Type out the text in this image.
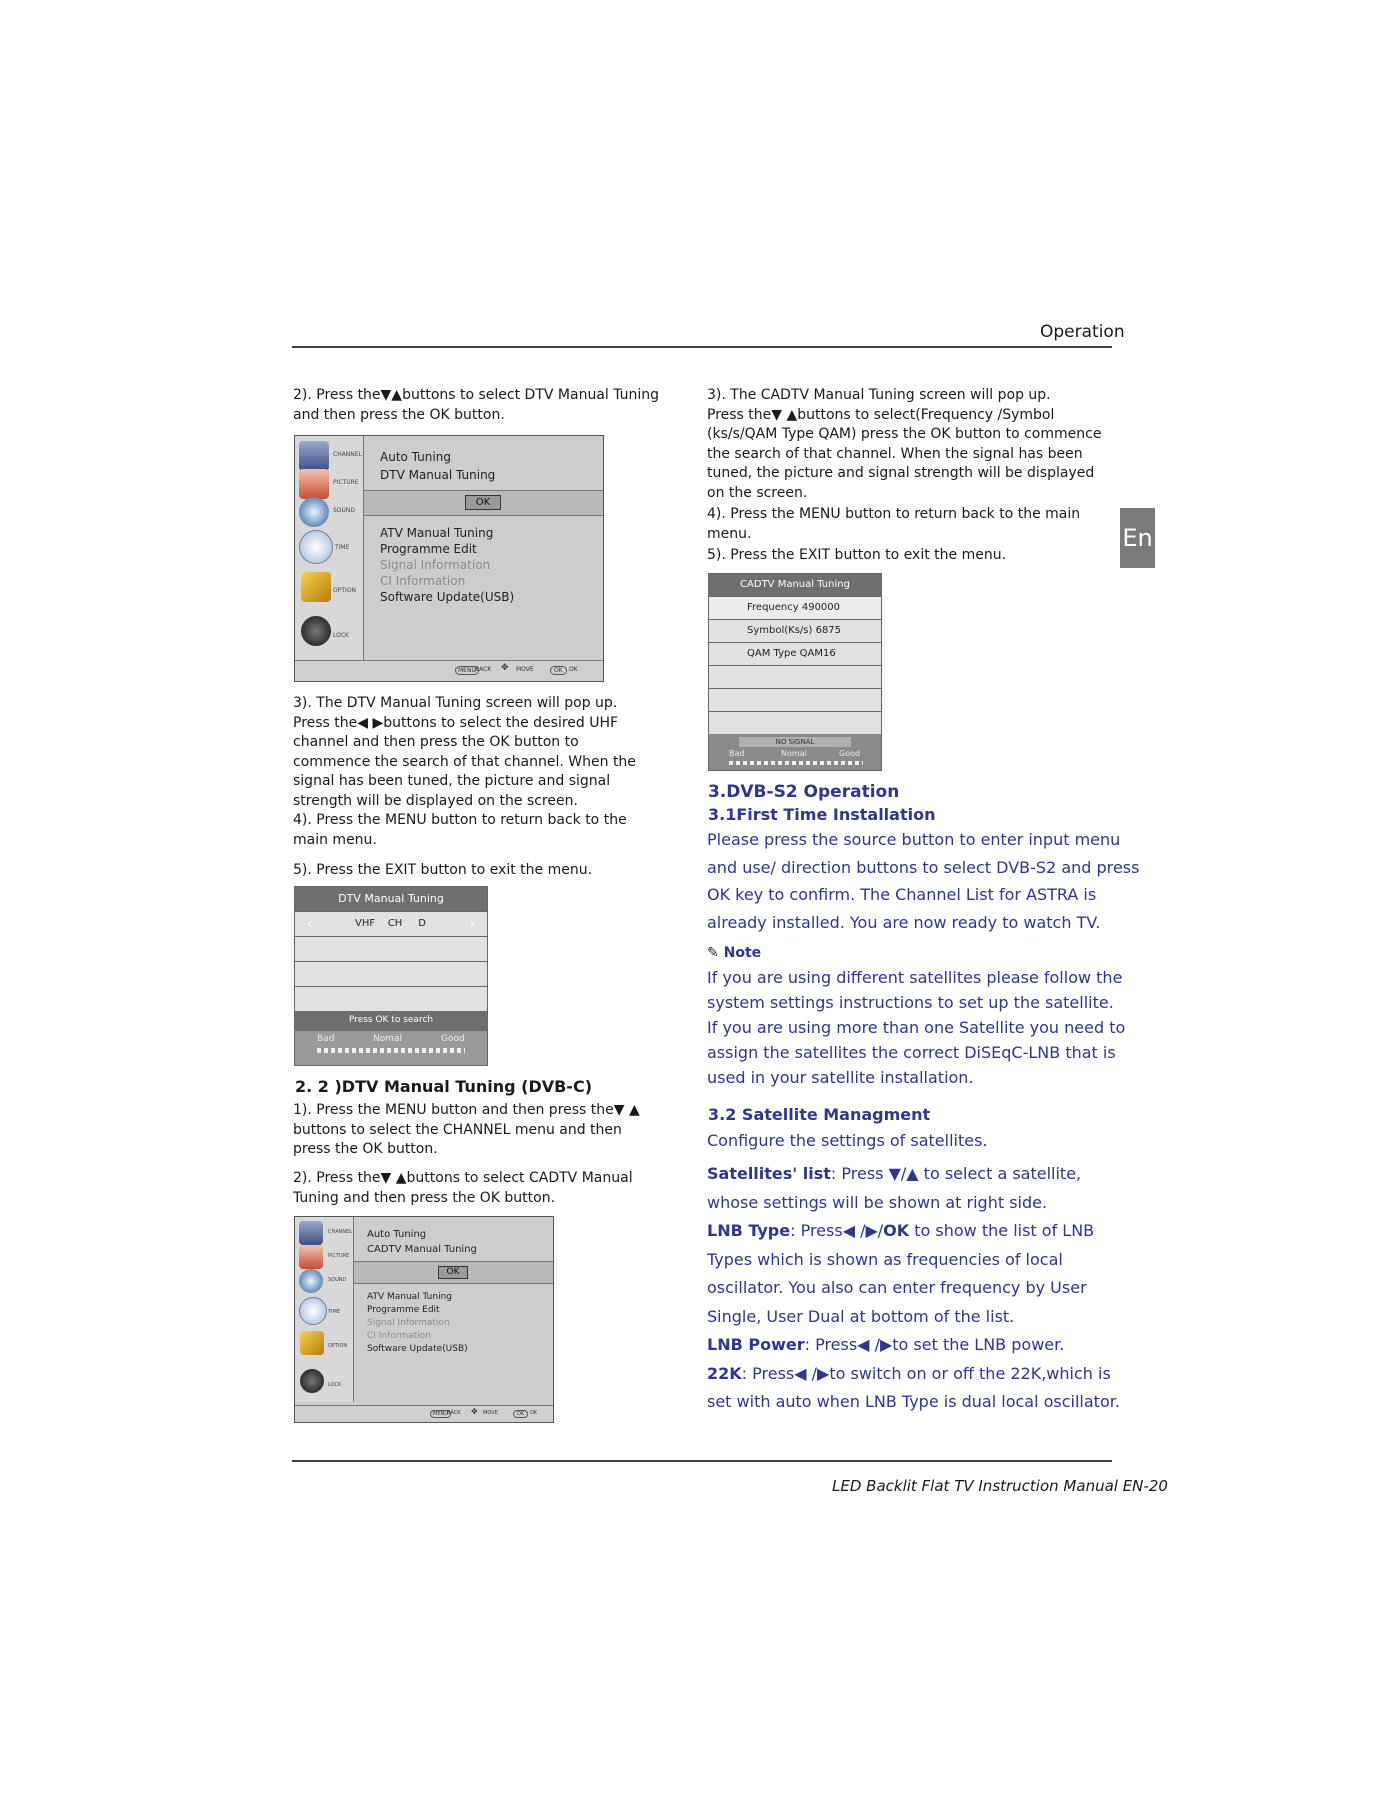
Operation
En

2). Press the▼▲buttons to select DTV Manual Tuning

and then press the OK button.

CHANNEL
PICTURE
SOUND
TIME
OPTION
LOCK
Auto Tuning
DTV Manual Tuning
OK
ATV Manual Tuning
Programme Edit
Signal Information
CI Information
Software Update(USB)
MENU BACK ✥ MOVE	OK	OK

3). The DTV Manual Tuning screen will pop up.

Press the◀ ▶buttons to select the desired UHF

channel and then press the OK button to

commence the search of that channel. When the

signal has been tuned, the picture and signal

strength will be displayed on the screen.

4). Press the MENU button to return back to the

main menu.

5). Press the EXIT button to exit the menu.
DTV Manual Tuning
‹	VHF    CH     D	›
Press OK to search
Bad	Nomal	Good
2. 2 )DTV Manual Tuning (DVB-C)

1). Press the MENU button and then press the▼ ▲

buttons to select the CHANNEL menu and then

press the OK button.

2). Press the▼ ▲buttons to select CADTV Manual

Tuning and then press the OK button.

CHANNEL
PICTURE
SOUND
TIME
OPTION
LOCK
Auto Tuning
CADTV Manual Tuning
OK
ATV Manual Tuning
Programme Edit
Signal Information
CI Information
Software Update(USB)
MENU BACK ✥ MOVE	OK	OK

3). The CADTV Manual Tuning screen will pop up.

Press the▼ ▲buttons to select(Frequency /Symbol

(ks/s/QAM Type QAM) press the OK button to commence

the search of that channel. When the signal has been

tuned, the picture and signal strength will be displayed

on the screen.

4). Press the MENU button to return back to the main

menu.

5). Press the EXIT button to exit the menu.
CADTV Manual Tuning
Frequency 490000
Symbol(Ks/s) 6875
QAM Type QAM16
NO SIGNAL
Bad	Nomal	Good
3.DVB-S2 Operation
3.1First Time Installation
Please press the source button to enter input menu
and use/ direction buttons to select DVB-S2 and press
OK key to confirm. The Channel List for ASTRA is
already installed. You are now ready to watch TV.
✎ Note
If you are using different satellites please follow the
system settings instructions to set up the satellite.
If you are using more than one Satellite you need to
assign the satellites the correct DiSEqC-LNB that is
used in your satellite installation.
3.2 Satellite Managment
Configure the settings of satellites.
Satellites' list: Press ▼/▲ to select a satellite,
whose settings will be shown at right side.
LNB Type: Press◀ /▶/OK to show the list of LNB
Types which is shown as frequencies of local
oscillator. You also can enter frequency by User
Single, User Dual at bottom of the list.
LNB Power: Press◀ /▶to set the LNB power.
22K: Press◀ /▶to switch on or off the 22K,which is
set with auto when LNB Type is dual local oscillator.
LED Backlit Flat TV Instruction Manual EN-20
